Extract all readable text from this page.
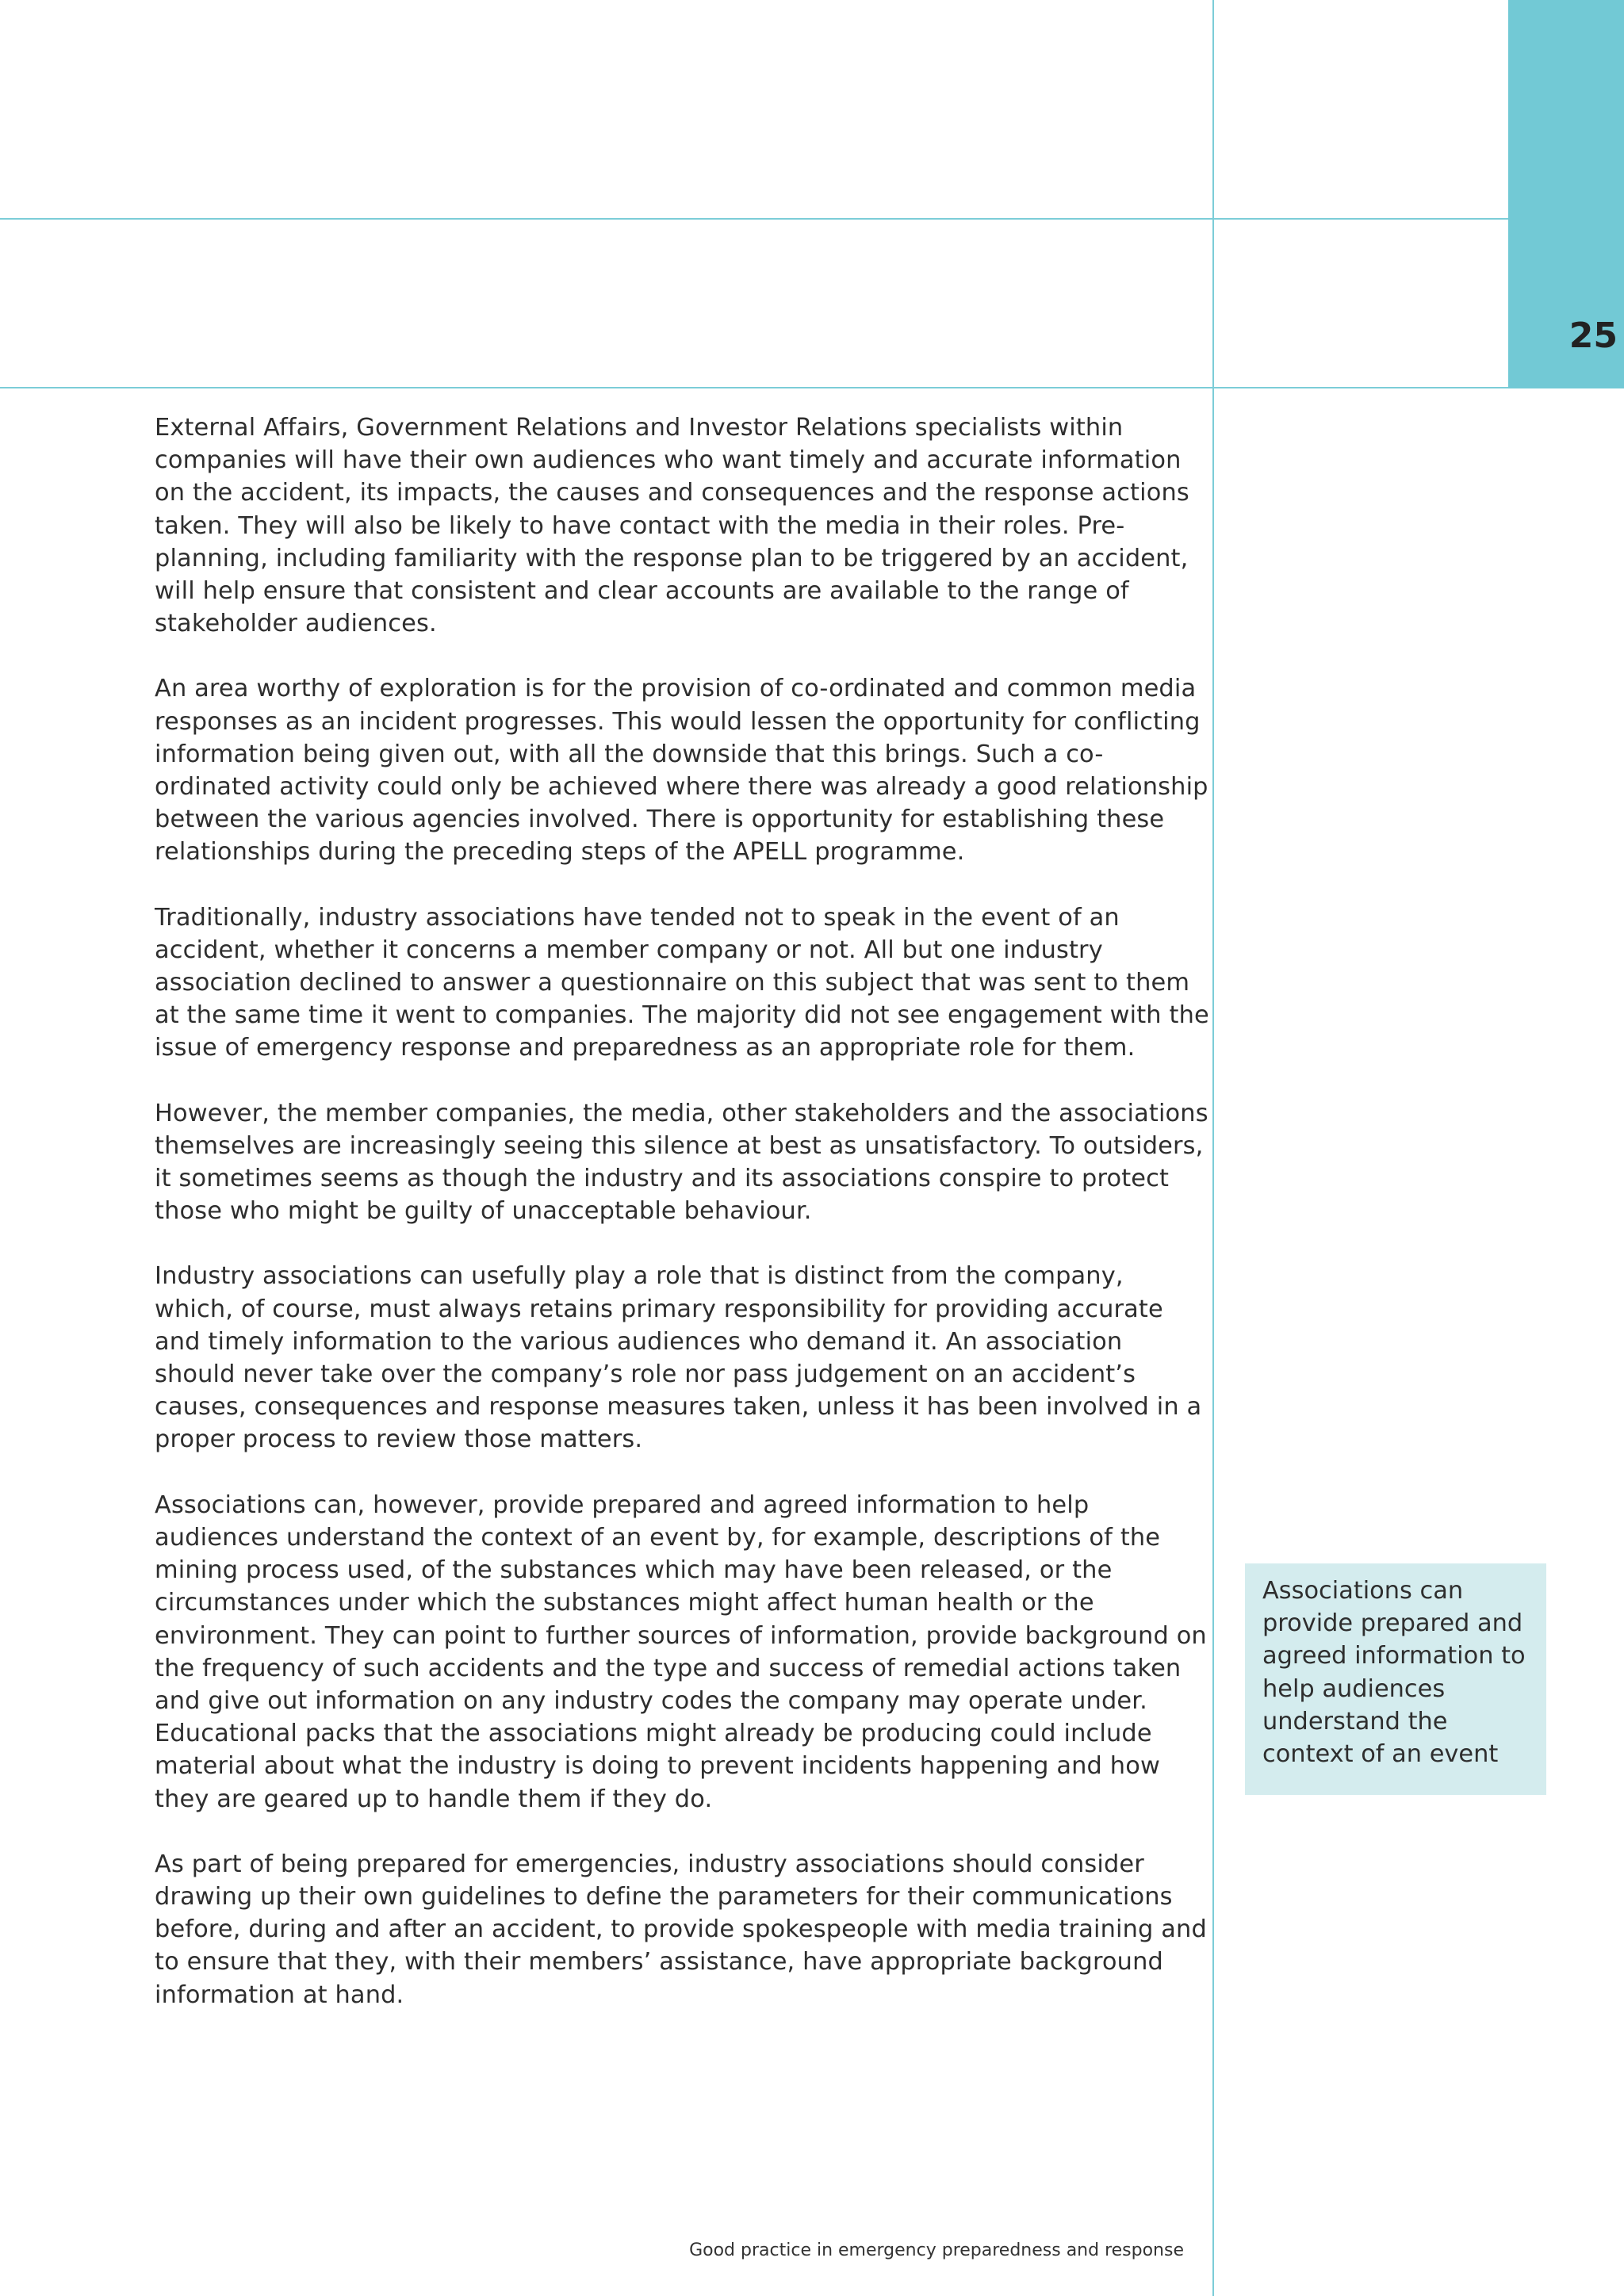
25

External Affairs, Government Relations and Investor Relations specialists within companies will have their own audiences who want timely and accurate information on the accident, its impacts, the causes and consequences and the response actions taken. They will also be likely to have contact with the media in their roles. Pre-planning, including familiarity with the response plan to be triggered by an accident, will help ensure that consistent and clear accounts are available to the range of stakeholder audiences.

An area worthy of exploration is for the provision of co-ordinated and common media responses as an incident progresses. This would lessen the opportunity for conflicting information being given out, with all the downside that this brings. Such a co-ordinated activity could only be achieved where there was already a good relationship between the various agencies involved. There is opportunity for establishing these relationships during the preceding steps of the APELL programme.

Traditionally, industry associations have tended not to speak in the event of an accident, whether it concerns a member company or not. All but one industry association declined to answer a questionnaire on this subject that was sent to them at the same time it went to companies. The majority did not see engagement with the issue of emergency response and preparedness as an appropriate role for them.

However, the member companies, the media, other stakeholders and the associations themselves are increasingly seeing this silence at best as unsatisfactory. To outsiders, it sometimes seems as though the industry and its associations conspire to protect those who might be guilty of unacceptable behaviour.

Industry associations can usefully play a role that is distinct from the company, which, of course, must always retains primary responsibility for providing accurate and timely information to the various audiences who demand it. An association should never take over the company’s role nor pass judgement on an accident’s causes, consequences and response measures taken, unless it has been involved in a proper process to review those matters.

Associations can, however, provide prepared and agreed information to help audiences understand the context of an event by, for example, descriptions of the mining process used, of the substances which may have been released, or the circumstances under which the substances might affect human health or the environment. They can point to further sources of information, provide background on the frequency of such accidents and the type and success of remedial actions taken and give out information on any industry codes the company may operate under. Educational packs that the associations might already be producing could include material about what the industry is doing to prevent incidents happening and how they are geared up to handle them if they do.

As part of being prepared for emergencies, industry associations should consider drawing up their own guidelines to define the parameters for their communications before, during and after an accident, to provide spokespeople with media training and to ensure that they, with their members’ assistance, have appropriate background information at hand.

Associations can provide prepared and agreed information to help audiences understand the context of an event

Good practice in emergency preparedness and response
